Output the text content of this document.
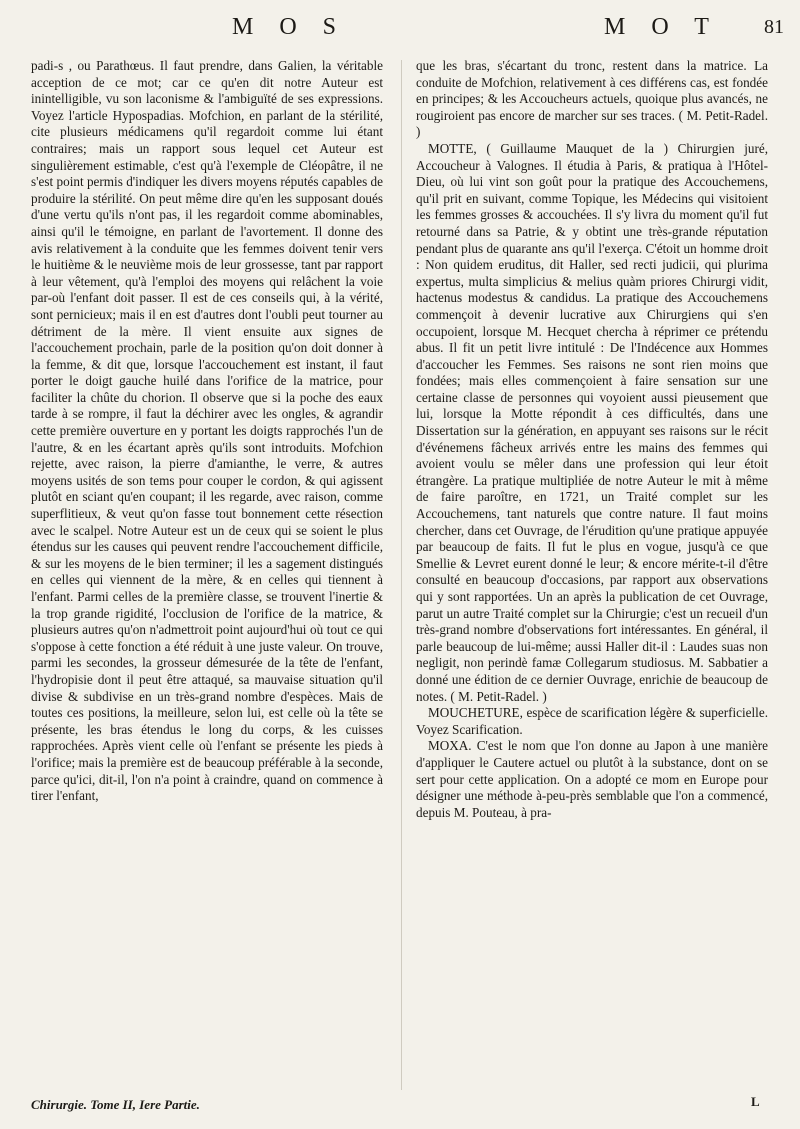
M O S	M O T 81

padi-s , ou Parathœus. Il faut prendre, dans Galien, la véritable acception de ce mot; car ce qu'en dit notre Auteur est inintelligible, vu son laconisme & l'ambiguïté de ses expressions. Voyez l'article Hypospadias. Mofchion, en parlant de la stérilité, cite plusieurs médicamens qu'il regardoit comme lui étant contraires; mais un rapport sous lequel cet Auteur est singulièrement estimable, c'est qu'à l'exemple de Cléopâtre, il ne s'est point permis d'indiquer les divers moyens réputés capables de produire la stérilité. On peut même dire qu'en les supposant doués d'une vertu qu'ils n'ont pas, il les regardoit comme abominables, ainsi qu'il le témoigne, en parlant de l'avortement. Il donne des avis relativement à la conduite que les femmes doivent tenir vers le huitième & le neuvième mois de leur grossesse, tant par rapport à leur vêtement, qu'à l'emploi des moyens qui relâchent la voie par-où l'enfant doit passer. Il est de ces conseils qui, à la vérité, sont pernicieux; mais il en est d'autres dont l'oubli peut tourner au détriment de la mère. Il vient ensuite aux signes de l'accouchement prochain, parle de la position qu'on doit donner à la femme, & dit que, lorsque l'accouchement est instant, il faut porter le doigt gauche huilé dans l'orifice de la matrice, pour faciliter la chûte du chorion. Il observe que si la poche des eaux tarde à se rompre, il faut la déchirer avec les ongles, & agrandir cette première ouverture en y portant les doigts rapprochés l'un de l'autre, & en les écartant après qu'ils sont introduits. Mofchion rejette, avec raison, la pierre d'amianthe, le verre, & autres moyens usités de son tems pour couper le cordon, & qui agissent plutôt en sciant qu'en coupant; il les regarde, avec raison, comme superflitieux, & veut qu'on fasse tout bonnement cette résection avec le scalpel. Notre Auteur est un de ceux qui se soient le plus étendus sur les causes qui peuvent rendre l'accouchement difficile, & sur les moyens de le bien terminer; il les a sagement distingués en celles qui viennent de la mère, & en celles qui tiennent à l'enfant. Parmi celles de la première classe, se trouvent l'inertie & la trop grande rigidité, l'occlusion de l'orifice de la matrice, & plusieurs autres qu'on n'admettroit point aujourd'hui où tout ce qui s'oppose à cette fonction a été réduit à une juste valeur. On trouve, parmi les secondes, la grosseur démesurée de la tête de l'enfant, l'hydropisie dont il peut être attaqué, sa mauvaise situation qu'il divise & subdivise en un très-grand nombre d'espèces. Mais de toutes ces positions, la meilleure, selon lui, est celle où la tête se présente, les bras étendus le long du corps, & les cuisses rapprochées. Après vient celle où l'enfant se présente les pieds à l'orifice; mais la première est de beaucoup préférable à la seconde, parce qu'ici, dit-il, l'on n'a point à craindre, quand on commence à tirer l'enfant,

que les bras, s'écartant du tronc, restent dans la matrice. La conduite de Mofchion, relativement à ces différens cas, est fondée en principes; & les Accoucheurs actuels, quoique plus avancés, ne rougiroient pas encore de marcher sur ses traces. ( M. Petit-Radel. )

MOTTE, ( Guillaume Mauquet de la ) Chirurgien juré, Accoucheur à Valognes. Il étudia à Paris, & pratiqua à l'Hôtel-Dieu, où lui vint son goût pour la pratique des Accouchemens, qu'il prit en suivant, comme Topique, les Médecins qui visitoient les femmes grosses & accouchées. Il s'y livra du moment qu'il fut retourné dans sa Patrie, & y obtint une très-grande réputation pendant plus de quarante ans qu'il l'exerça. C'étoit un homme droit : Non quidem eruditus, dit Haller, sed recti judicii, qui plurima expertus, multa simplicius & melius quàm priores Chirurgi vidit, hactenus modestus & candidus. La pratique des Accouchemens commençoit à devenir lucrative aux Chirurgiens qui s'en occupoient, lorsque M. Hecquet chercha à réprimer ce prétendu abus. Il fit un petit livre intitulé : De l'Indécence aux Hommes d'accoucher les Femmes. Ses raisons ne sont rien moins que fondées; mais elles commençoient à faire sensation sur une certaine classe de personnes qui voyoient aussi pieusement que lui, lorsque la Motte répondit à ces difficultés, dans une Dissertation sur la génération, en appuyant ses raisons sur le récit d'événemens fâcheux arrivés entre les mains des femmes qui avoient voulu se mêler dans une profession qui leur étoit étrangère. La pratique multipliée de notre Auteur le mit à même de faire paroître, en 1721, un Traité complet sur les Accouchemens, tant naturels que contre nature. Il faut moins chercher, dans cet Ouvrage, de l'érudition qu'une pratique appuyée par beaucoup de faits. Il fut le plus en vogue, jusqu'à ce que Smellie & Levret eurent donné le leur; & encore mérite-t-il d'être consulté en beaucoup d'occasions, par rapport aux observations qui y sont rapportées. Un an après la publication de cet Ouvrage, parut un autre Traité complet sur la Chirurgie; c'est un recueil d'un très-grand nombre d'observations fort intéressantes. En général, il parle beaucoup de lui-même; aussi Haller dit-il : Laudes suas non negligit, non perindè famæ Collegarum studiosus. M. Sabbatier a donné une édition de ce dernier Ouvrage, enrichie de beaucoup de notes. ( M. Petit-Radel. )

MOUCHETURE, espèce de scarification légère & superficielle. Voyez Scarification.

MOXA. C'est le nom que l'on donne au Japon à une manière d'appliquer le Cautere actuel ou plutôt à la substance, dont on se sert pour cette application. On a adopté ce mom en Europe pour désigner une méthode à-peu-près semblable que l'on a commencé, depuis M. Pouteau, à pra-

Chirurgie. Tome II, Iere Partie.	L
